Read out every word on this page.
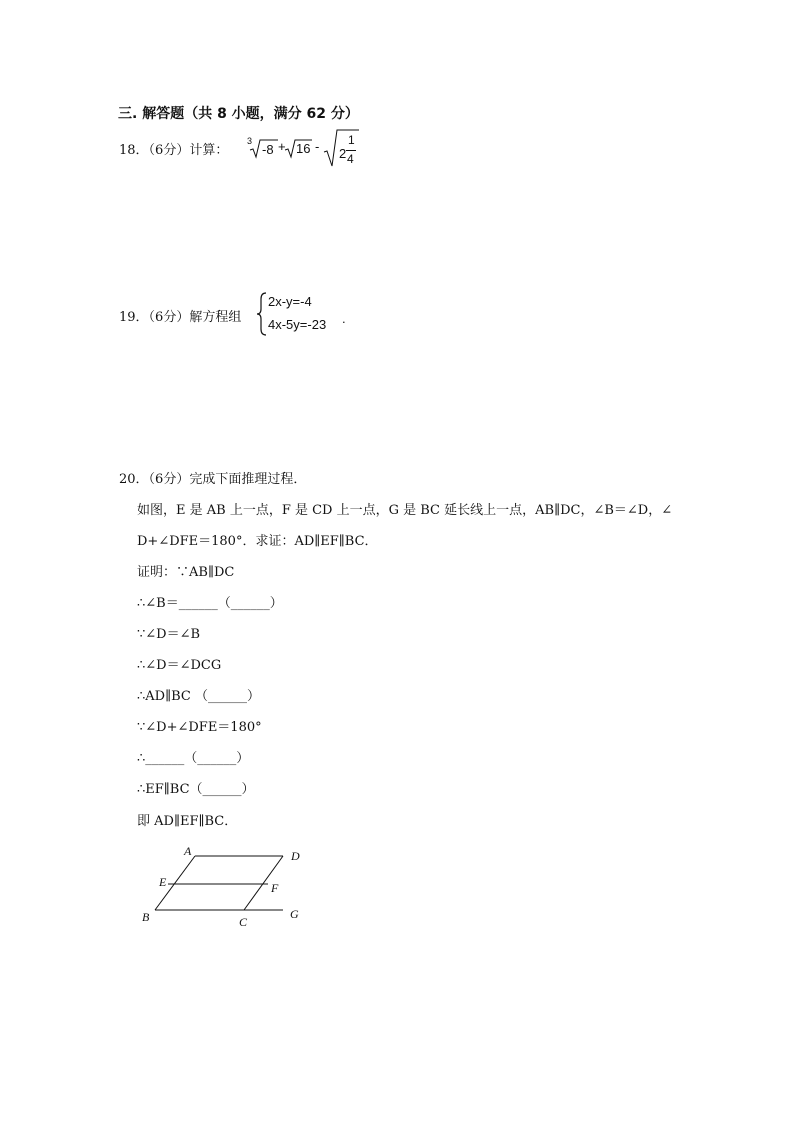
三. 解答题（共 8 小题，满分 62 分）
18．（6分）计算：
3
-8 + 16 - 2
1
4
19．（6分）解方程组
2x-y=-4
4x-5y=-23 .
20．（6分）完成下面推理过程．
如图，E 是 AB 上一点，F 是 CD 上一点，G 是 BC 延长线上一点，AB∥DC，∠B＝∠D，∠
D+∠DFE＝180°．求证：AD∥EF∥BC．
证明：∵AB∥DC
∴∠B＝______（______）
∵∠D＝∠B
∴∠D＝∠DCG
∴AD∥BC （______）
∵∠D+∠DFE＝180°
∴______（______）
∴EF∥BC（______）
即 AD∥EF∥BC．
A	D
E	F
B	C
G
